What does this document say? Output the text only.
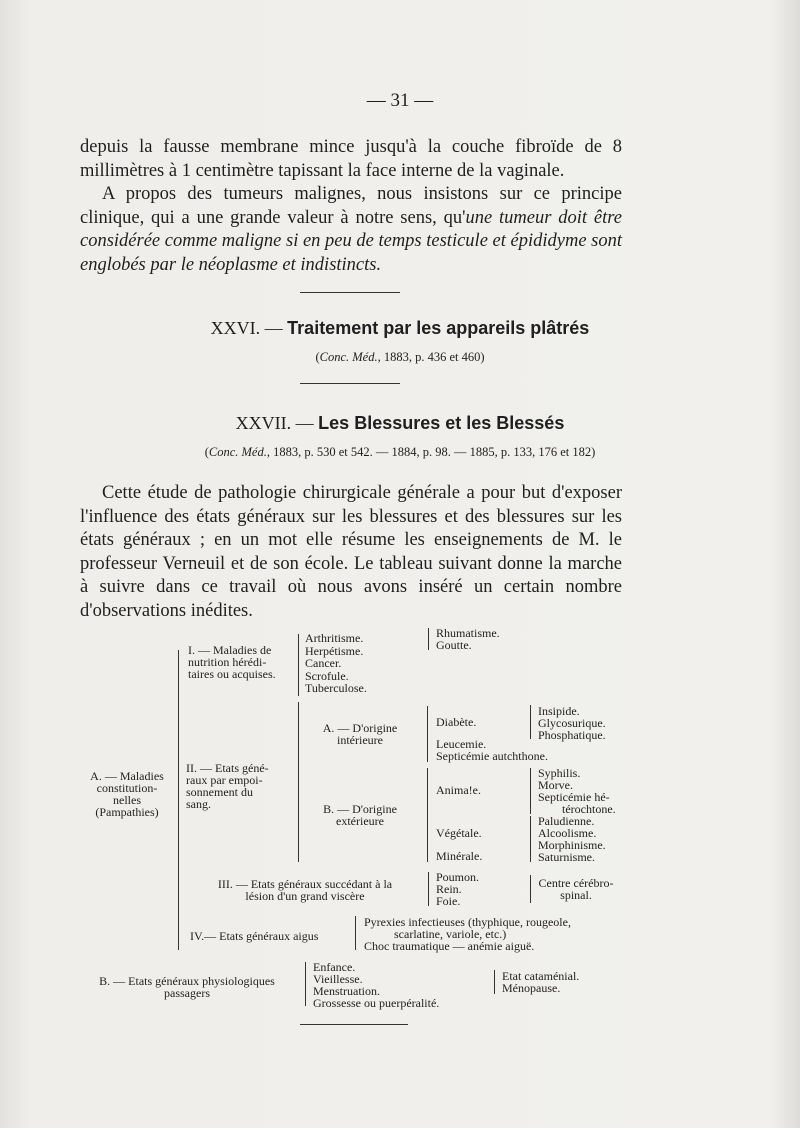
— 31 —
depuis la fausse membrane mince jusqu'à la couche fibroïde de 8 millimètres à 1 centimètre tapissant la face interne de la vaginale.
A propos des tumeurs malignes, nous insistons sur ce principe clinique, qui a une grande valeur à notre sens, qu'une tumeur doit être considérée comme maligne si en peu de temps testicule et épididyme sont englobés par le néoplasme et indistincts.
XXVI. — Traitement par les appareils plâtrés
(Conc. Méd., 1883, p. 436 et 460)
XXVII. — Les Blessures et les Blessés
(Conc. Méd., 1883, p. 530 et 542. — 1884, p. 98. — 1885, p. 133, 176 et 182)
Cette étude de pathologie chirurgicale générale a pour but d'exposer l'influence des états généraux sur les blessures et des blessures sur les états généraux ; en un mot elle résume les enseignements de M. le professeur Verneuil et de son école. Le tableau suivant donne la marche à suivre dans ce travail où nous avons inséré un certain nombre d'observations inédites.
A. — Maladies
constitution-
nelles
(Pampathies)
I. — Maladies de
nutrition hérédi-
taires ou acquises.
Arthritisme.
Herpétisme.
Cancer.
Scrofule.
Tuberculose.
Rhumatisme.
Goutte.
II. — Etats géné-
raux par empoi-
sonnement du
sang.
A. — D'origine
intérieure
Diabète.
Insipide.
Glycosurique.
Phosphatique.
Leucemie.
Septicémie autchthone.
B. — D'origine
extérieure
Anima!e.
Syphilis.
Morve.
Septicémie hé-
térochtone.
Végétale.
Minérale.
Paludienne.
Alcoolisme.
Morphinisme.
Saturnisme.
III. — Etats généraux succédant à la
lésion d'un grand viscère
Poumon.
Rein.
Foie.
Centre cérébro-
spinal.
IV.— Etats généraux aigus
Pyrexies infectieuses (thyphique, rougeole,
scarlatine, variole, etc.)
Choc traumatique — anémie aiguë.
B. — Etats généraux physiologiques
passagers
Enfance.
Vieillesse.
Menstruation.
Grossesse ou puerpéralité.
Etat cataménial.
Ménopause.
